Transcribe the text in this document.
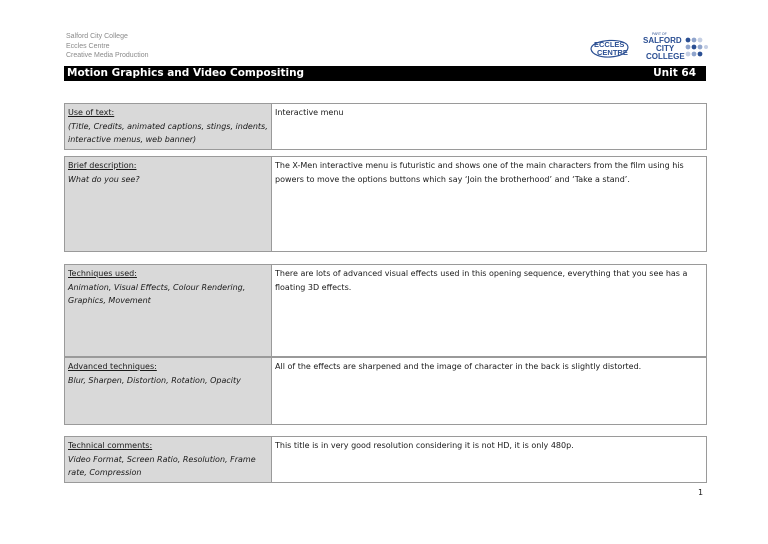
Salford City College
Eccles Centre
Creative Media Production
ECCLES
CENTRE
PART OF
SALFORD
CITY
COLLEGE
Motion Graphics and Video Compositing	Unit 64
Use of text:
(Title, Credits, animated captions, stings, indents, interactive menus, web banner)
	Interactive menu
Brief description:
What do you see?
	The X-Men interactive menu is futuristic and shows one of the main characters from the film using his powers to move the options buttons which say ‘Join the brotherhood’ and ‘Take a stand’.
Techniques used:
Animation, Visual Effects, Colour Rendering, Graphics, Movement
	There are lots of advanced visual effects used in this opening sequence, everything that you see has a floating 3D effects.
Advanced techniques:
Blur, Sharpen, Distortion, Rotation, Opacity
	All of the effects are sharpened and the image of character in the back is slightly distorted.
Technical comments:
Video Format, Screen Ratio, Resolution, Frame rate, Compression
	This title is in very good resolution considering it is not HD, it is only 480p.
1
